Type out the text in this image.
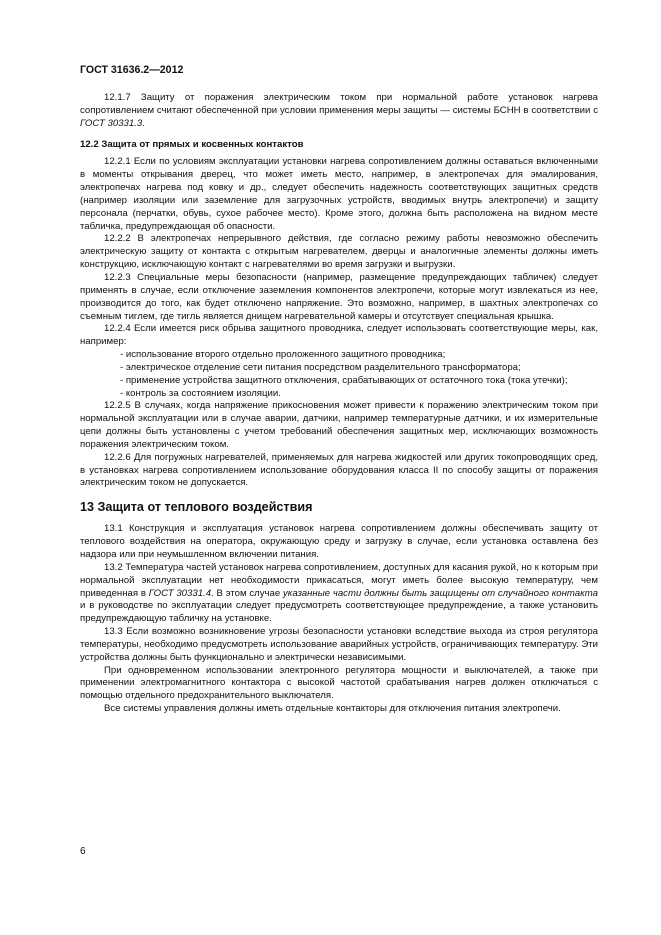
ГОСТ 31636.2—2012

12.1.7 Защиту от поражения электрическим током при нормальной работе установок нагрева сопротивлением считают обеспеченной при условии применения меры защиты — системы БСНН в соответствии с ГОСТ 30331.3.

12.2 Защита от прямых и косвенных контактов

12.2.1 Если по условиям эксплуатации установки нагрева сопротивлением должны оставаться включенными в моменты открывания дверец, что может иметь место, например, в электропечах для эмалирования, электропечах нагрева под ковку и др., следует обеспечить надежность соответствующих защитных средств (например изоляции или заземление для загрузочных устройств, вводимых внутрь электропечи) и защиту персонала (перчатки, обувь, сухое рабочее место). Кроме этого, должна быть расположена на видном месте табличка, предупреждающая об опасности.

12.2.2 В электропечах непрерывного действия, где согласно режиму работы невозможно обеспечить электрическую защиту от контакта с открытым нагревателем, дверцы и аналогичные элементы должны иметь конструкцию, исключающую контакт с нагревателями во время загрузки и выгрузки.

12.2.3 Специальные меры безопасности (например, размещение предупреждающих табличек) следует применять в случае, если отключение заземления компонентов электропечи, которые могут извлекаться из нее, производится до того, как будет отключено напряжение. Это возможно, например, в шахтных электропечах со съемным тиглем, где тигль является днищем нагревательной камеры и отсутствует специальная крышка.

12.2.4 Если имеется риск обрыва защитного проводника, следует использовать соответствующие меры, как, например:

- использование второго отдельно проложенного защитного проводника;

- электрическое отделение сети питания посредством разделительного трансформатора;

- применение устройства защитного отключения, срабатывающих от остаточного тока (тока утечки);

- контроль за состоянием изоляции.

12.2.5 В случаях, когда напряжение прикосновения может привести к поражению электрическим током при нормальной эксплуатации или в случае аварии, датчики, например температурные датчики, и их измерительные цепи должны быть установлены с учетом требований обеспечения защитных мер, исключающих возможность поражения электрическим током.

12.2.6 Для погружных нагревателей, применяемых для нагрева жидкостей или других токопроводящих сред, в установках нагрева сопротивлением использование оборудования класса II по способу защиты от поражения электрическим током не допускается.

13 Защита от теплового воздействия

13.1 Конструкция и эксплуатация установок нагрева сопротивлением должны обеспечивать защиту от теплового воздействия на оператора, окружающую среду и загрузку в случае, если установка оставлена без надзора или при неумышленном включении питания.

13.2 Температура частей установок нагрева сопротивлением, доступных для касания рукой, но к которым при нормальной эксплуатации нет необходимости прикасаться, могут иметь более высокую температуру, чем приведенная в ГОСТ 30331.4. В этом случае указанные части должны быть защищены от случайного контакта и в руководстве по эксплуатации следует предусмотреть соответствующее предупреждение, а также установить предупреждающую табличку на установке.

13.3 Если возможно возникновение угрозы безопасности установки вследствие выхода из строя регулятора температуры, необходимо предусмотреть использование аварийных устройств, ограничивающих температуру. Эти устройства должны быть функционально и электрически независимыми.

При одновременном использовании электронного регулятора мощности и выключателей, а также при применении электромагнитного контактора с высокой частотой срабатывания нагрев должен отключаться с помощью отдельного предохранительного выключателя.

Все системы управления должны иметь отдельные контакторы для отключения питания электропечи.

6
